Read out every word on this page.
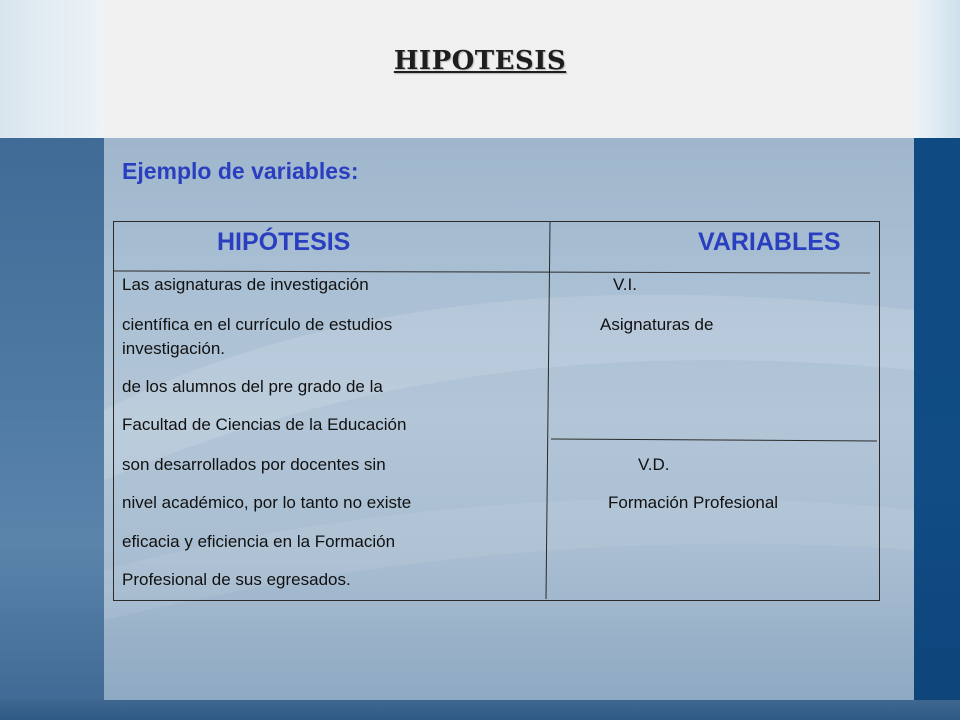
HIPOTESIS
Ejemplo de variables:
HIPÓTESIS	VARIABLES
Las asignaturas de investigación
científica en el currículo de estudios
investigación.
de los alumnos del pre grado de la
Facultad de Ciencias de la Educación
son desarrollados por docentes sin
nivel académico, por lo tanto no existe
eficacia y eficiencia en la Formación
Profesional de sus egresados.
V.I.
Asignaturas de
V.D.
Formación Profesional
